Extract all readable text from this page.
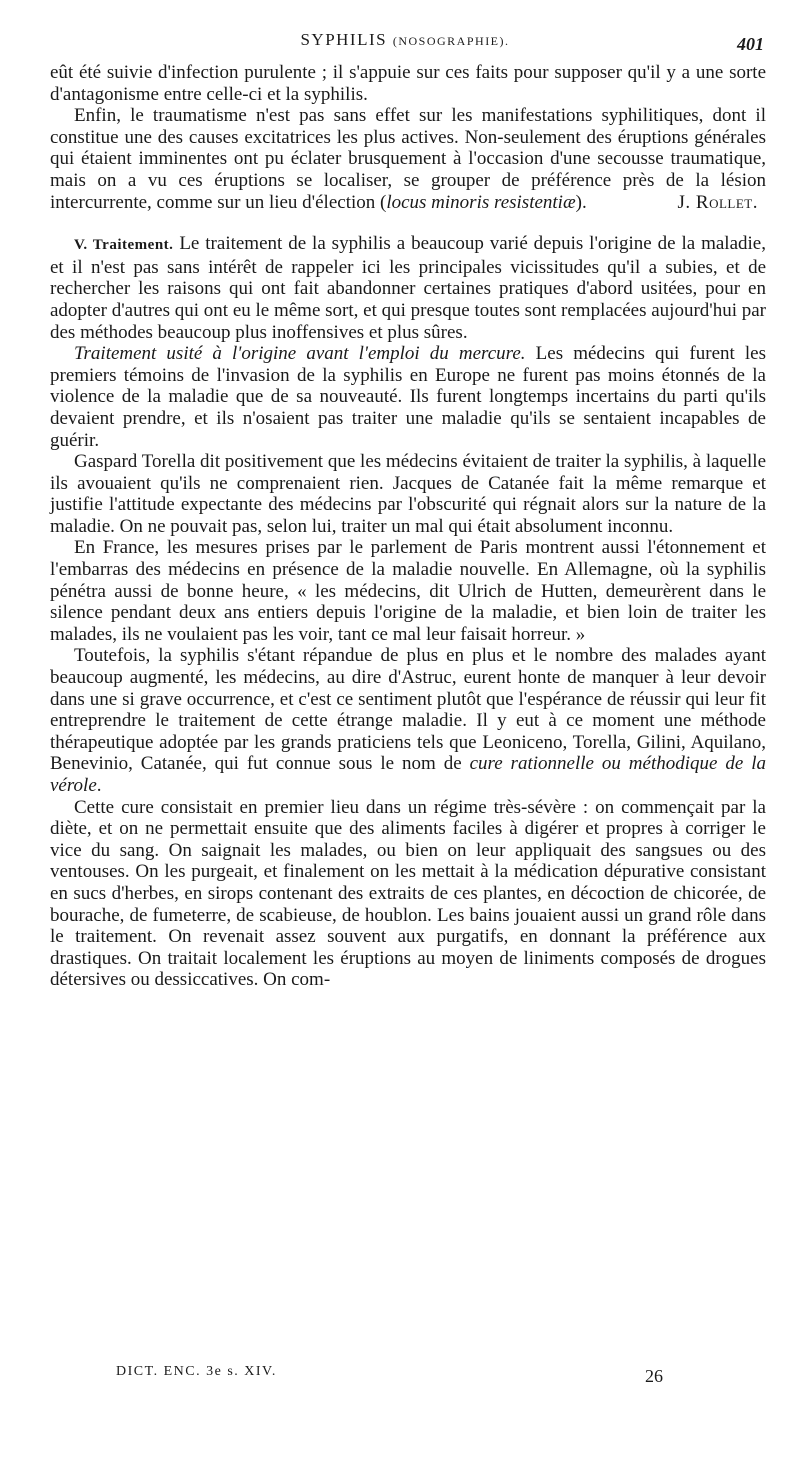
SYPHILIS (NOSOGRAPHIE).	401

eût été suivie d'infection purulente ; il s'appuie sur ces faits pour supposer qu'il y a une sorte d'antagonisme entre celle-ci et la syphilis.

Enfin, le traumatisme n'est pas sans effet sur les manifestations syphilitiques, dont il constitue une des causes excitatrices les plus actives. Non-seulement des éruptions générales qui étaient imminentes ont pu éclater brusquement à l'occasion d'une secousse traumatique, mais on a vu ces éruptions se localiser, se grouper de préférence près de la lésion intercurrente, comme sur un lieu d'élection (locus minoris resistentiæ).	J. Rollet.

V. Traitement. Le traitement de la syphilis a beaucoup varié depuis l'origine de la maladie, et il n'est pas sans intérêt de rappeler ici les principales vicissitudes qu'il a subies, et de rechercher les raisons qui ont fait abandonner certaines pratiques d'abord usitées, pour en adopter d'autres qui ont eu le même sort, et qui presque toutes sont remplacées aujourd'hui par des méthodes beaucoup plus inoffensives et plus sûres.

Traitement usité à l'origine avant l'emploi du mercure. Les médecins qui furent les premiers témoins de l'invasion de la syphilis en Europe ne furent pas moins étonnés de la violence de la maladie que de sa nouveauté. Ils furent longtemps incertains du parti qu'ils devaient prendre, et ils n'osaient pas traiter une maladie qu'ils se sentaient incapables de guérir.

Gaspard Torella dit positivement que les médecins évitaient de traiter la syphilis, à laquelle ils avouaient qu'ils ne comprenaient rien. Jacques de Catanée fait la même remarque et justifie l'attitude expectante des médecins par l'obscurité qui régnait alors sur la nature de la maladie. On ne pouvait pas, selon lui, traiter un mal qui était absolument inconnu.

En France, les mesures prises par le parlement de Paris montrent aussi l'étonnement et l'embarras des médecins en présence de la maladie nouvelle. En Allemagne, où la syphilis pénétra aussi de bonne heure, « les médecins, dit Ulrich de Hutten, demeurèrent dans le silence pendant deux ans entiers depuis l'origine de la maladie, et bien loin de traiter les malades, ils ne voulaient pas les voir, tant ce mal leur faisait horreur. »

Toutefois, la syphilis s'étant répandue de plus en plus et le nombre des malades ayant beaucoup augmenté, les médecins, au dire d'Astruc, eurent honte de manquer à leur devoir dans une si grave occurrence, et c'est ce sentiment plutôt que l'espérance de réussir qui leur fit entreprendre le traitement de cette étrange maladie. Il y eut à ce moment une méthode thérapeutique adoptée par les grands praticiens tels que Leoniceno, Torella, Gilini, Aquilano, Benevinio, Catanée, qui fut connue sous le nom de cure rationnelle ou méthodique de la vérole.

Cette cure consistait en premier lieu dans un régime très-sévère : on commençait par la diète, et on ne permettait ensuite que des aliments faciles à digérer et propres à corriger le vice du sang. On saignait les malades, ou bien on leur appliquait des sangsues ou des ventouses. On les purgeait, et finalement on les mettait à la médication dépurative consistant en sucs d'herbes, en sirops contenant des extraits de ces plantes, en décoction de chicorée, de bourache, de fumeterre, de scabieuse, de houblon. Les bains jouaient aussi un grand rôle dans le traitement. On revenait assez souvent aux purgatifs, en donnant la préférence aux drastiques. On traitait localement les éruptions au moyen de liniments composés de drogues détersives ou dessiccatives. On com-

DICT. ENC. 3e s. XIV.	26
